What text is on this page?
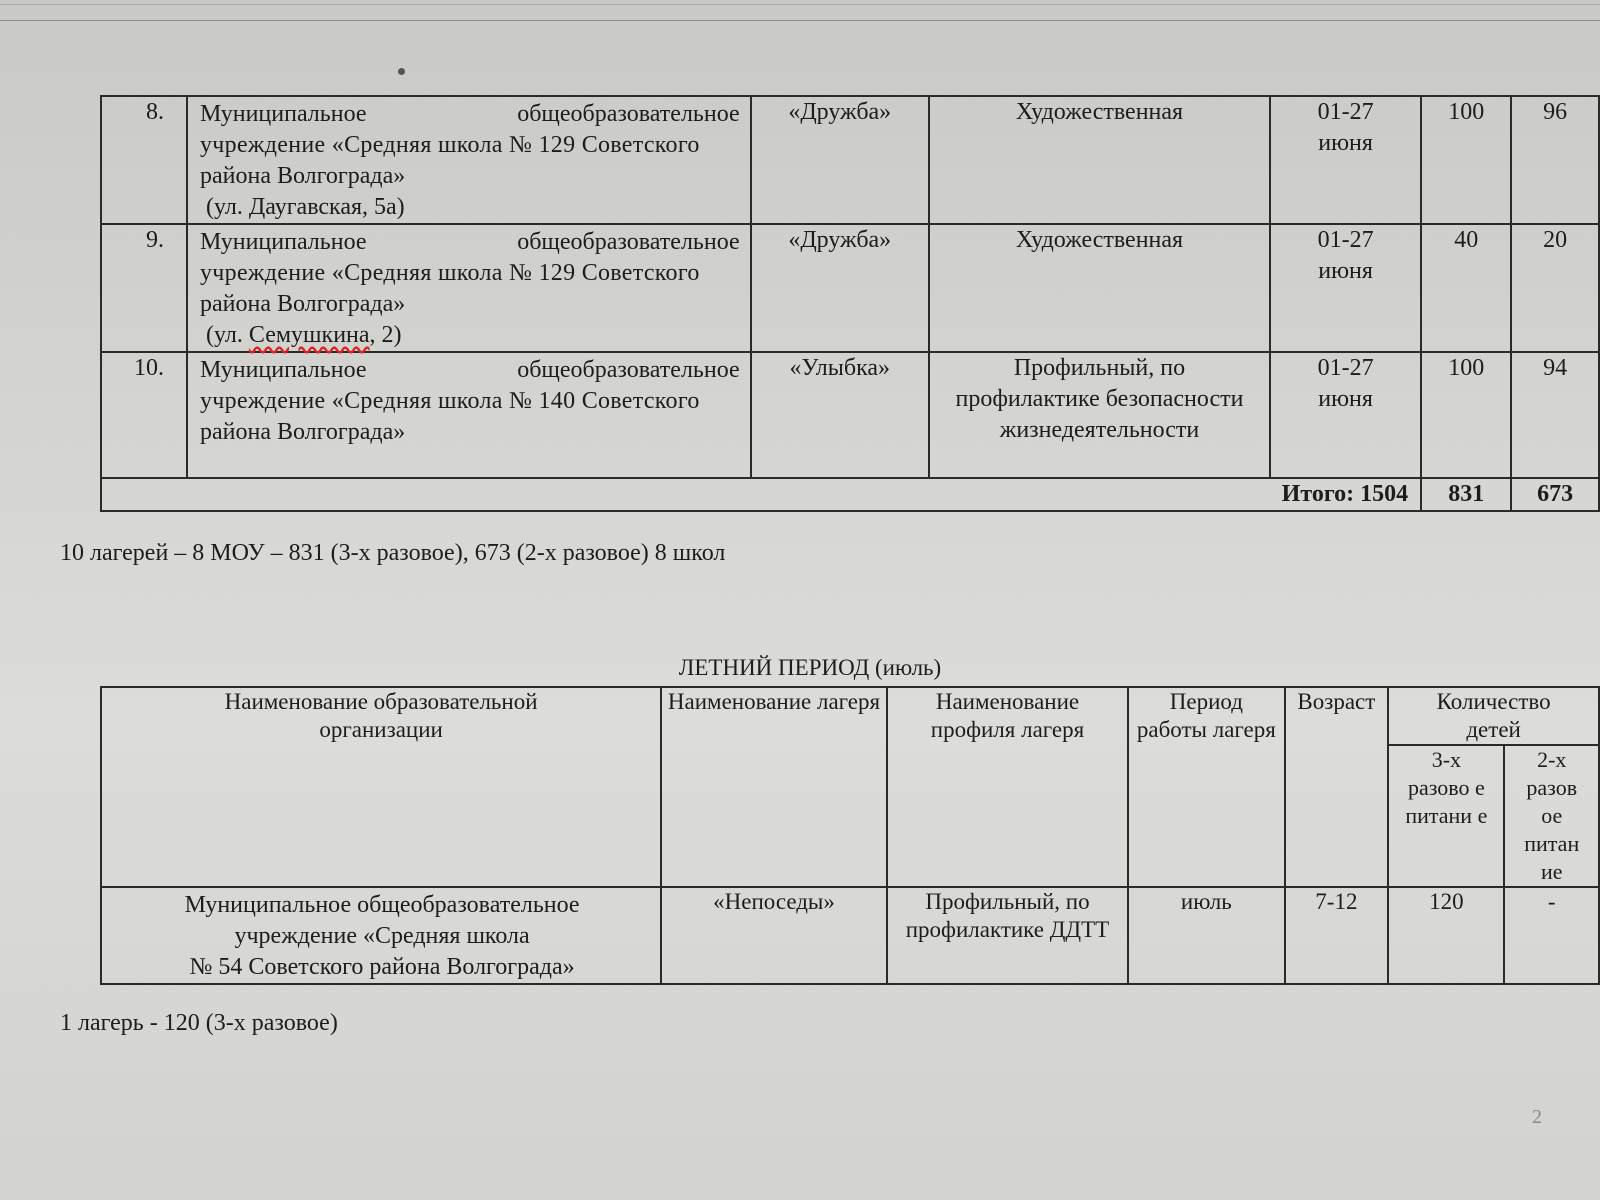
8.	Муниципальное общеобразовательное
учреждение «Средняя школа № 129 Советского
района Волгограда»
(ул. Даугавская, 5а)	«Дружба»	Художественная	01-27 июня	100	96
9.	Муниципальное общеобразовательное
учреждение «Средняя школа № 129 Советского
района Волгограда»
(ул. Семушкина, 2)	«Дружба»	Художественная	01-27 июня	40	20
10.	Муниципальное общеобразовательное
учреждение «Средняя школа № 140 Советского
района Волгограда»	«Улыбка»	Профильный, по профилактике безопасности жизнедеятельности	01-27 июня	100	94
Итого: 1504					831	673
10 лагерей – 8 МОУ – 831 (3-х разовое), 673 (2-х разовое) 8 школ
ЛЕТНИЙ ПЕРИОД (июль)
Наименование образовательной организации	Наименование лагеря	Наименование профиля лагеря	Период работы лагеря	Возраст	Количество детей	
					3-х разово е питани е	2-х разов ое питан ие

Муниципальное общеобразовательное
учреждение «Средняя школа
№ 54 Советского района Волгограда»	«Непоседы»	Профильный, по профилактике ДДТТ	июль	7-12	120	-
1 лагерь - 120 (3-х разовое)
2
